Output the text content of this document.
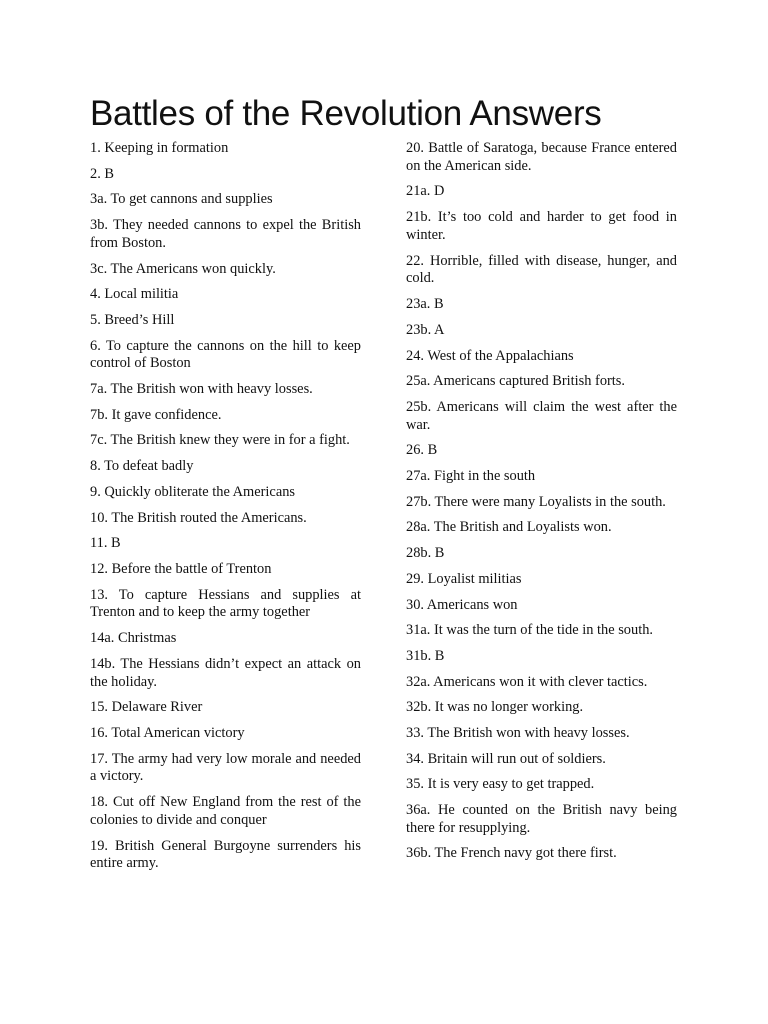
Battles of the Revolution Answers

1. Keeping in formation

2. B

3a. To get cannons and supplies

3b. They needed cannons to expel the British from Boston.

3c. The Americans won quickly.

4. Local militia

5. Breed’s Hill

6. To capture the cannons on the hill to keep control of Boston

7a. The British won with heavy losses.

7b. It gave confidence.

7c. The British knew they were in for a fight.

8. To defeat badly

9. Quickly obliterate the Americans

10. The British routed the Americans.

11. B

12. Before the battle of Trenton

13. To capture Hessians and supplies at Trenton and to keep the army together

14a. Christmas

14b. The Hessians didn’t expect an attack on the holiday.

15. Delaware River

16. Total American victory

17. The army had very low morale and needed a victory.

18. Cut off New England from the rest of the colonies to divide and conquer

19. British General Burgoyne surrenders his entire army.

20. Battle of Saratoga, because France entered on the American side.

21a. D

21b. It’s too cold and harder to get food in winter.

22. Horrible, filled with disease, hunger, and cold.

23a. B

23b. A

24. West of the Appalachians

25a. Americans captured British forts.

25b. Americans will claim the west after the war.

26. B

27a. Fight in the south

27b. There were many Loyalists in the south.

28a. The British and Loyalists won.

28b. B

29. Loyalist militias

30. Americans won

31a. It was the turn of the tide in the south.

31b. B

32a. Americans won it with clever tactics.

32b. It was no longer working.

33. The British won with heavy losses.

34. Britain will run out of soldiers.

35. It is very easy to get trapped.

36a. He counted on the British navy being there for resupplying.

36b. The French navy got there first.
